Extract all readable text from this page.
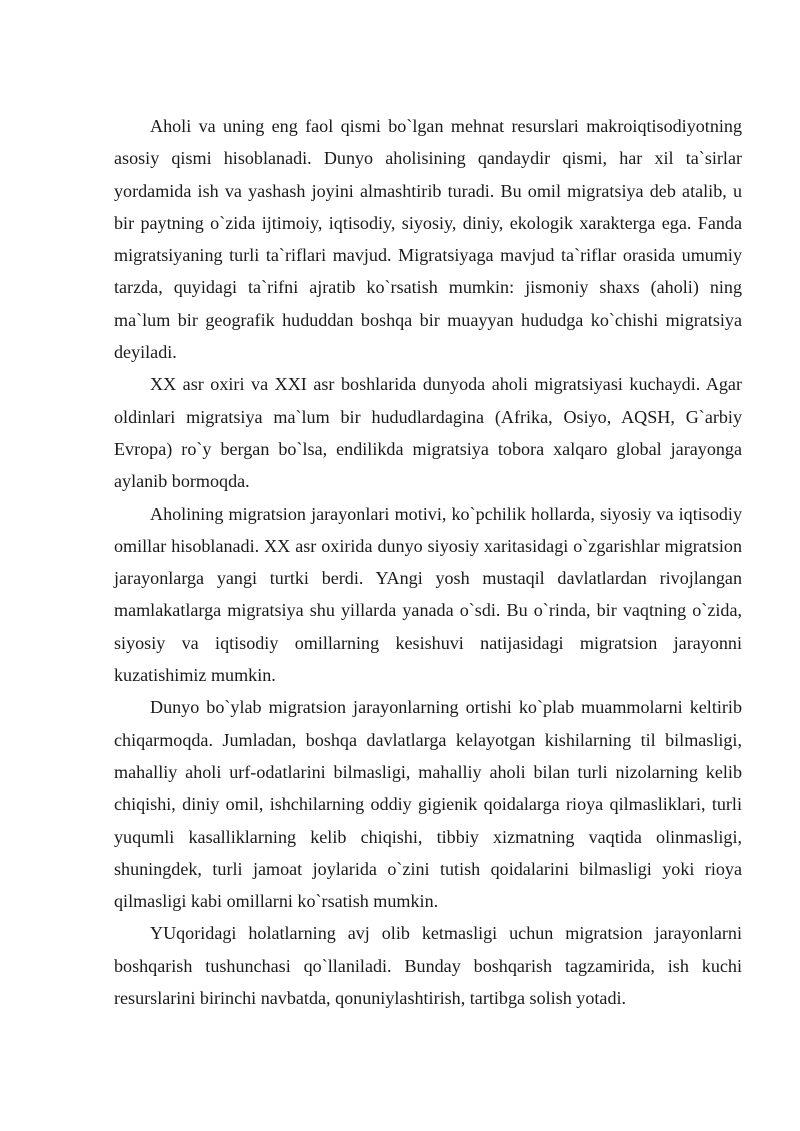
Aholi va uning eng faol qismi bo`lgan mehnat resurslari makroiqtisodiyotning asosiy qismi hisoblanadi. Dunyo aholisining qandaydir qismi, har xil ta`sirlar yordamida ish va yashash joyini almashtirib turadi. Bu omil migratsiya deb atalib, u bir paytning o`zida ijtimoiy, iqtisodiy, siyosiy, diniy, ekologik xarakterga ega. Fanda migratsiyaning turli ta`riflari mavjud. Migratsiyaga mavjud ta`riflar orasida umumiy tarzda, quyidagi ta`rifni ajratib ko`rsatish mumkin: jismoniy shaxs (aholi) ning ma`lum bir geografik hududdan boshqa bir muayyan hududga ko`chishi migratsiya deyiladi.

XX asr oxiri va XXI asr boshlarida dunyoda aholi migratsiyasi kuchaydi. Agar oldinlari migratsiya ma`lum bir hududlardagina (Afrika, Osiyo, AQSH, G`arbiy Evropa) ro`y bergan bo`lsa, endilikda migratsiya tobora xalqaro global jarayonga aylanib bormoqda.

Aholining migratsion jarayonlari motivi, ko`pchilik hollarda, siyosiy va iqtisodiy omillar hisoblanadi. XX asr oxirida dunyo siyosiy xaritasidagi o`zgarishlar migratsion jarayonlarga yangi turtki berdi. YAngi yosh mustaqil davlatlardan rivojlangan mamlakatlarga migratsiya shu yillarda yanada o`sdi. Bu o`rinda, bir vaqtning o`zida, siyosiy va iqtisodiy omillarning kesishuvi natijasidagi migratsion jarayonni kuzatishimiz mumkin.

Dunyo bo`ylab migratsion jarayonlarning ortishi ko`plab muammolarni keltirib chiqarmoqda. Jumladan, boshqa davlatlarga kelayotgan kishilarning til bilmasligi, mahalliy aholi urf-odatlarini bilmasligi, mahalliy aholi bilan turli nizolarning kelib chiqishi, diniy omil, ishchilarning oddiy gigienik qoidalarga rioya qilmasliklari, turli yuqumli kasalliklarning kelib chiqishi, tibbiy xizmatning vaqtida olinmasligi, shuningdek, turli jamoat joylarida o`zini tutish qoidalarini bilmasligi yoki rioya qilmasligi kabi omillarni ko`rsatish mumkin.

YUqoridagi holatlarning avj olib ketmasligi uchun migratsion jarayonlarni boshqarish tushunchasi qo`llaniladi. Bunday boshqarish tagzamirida, ish kuchi resurslarini birinchi navbatda, qonuniylashtirish, tartibga solish yotadi.
